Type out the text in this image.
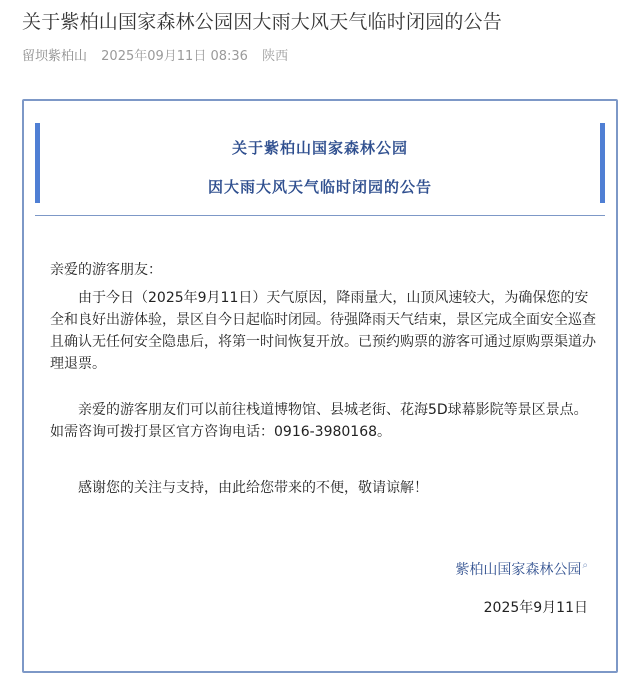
关于紫柏山国家森林公园因大雨大风天气临时闭园的公告
留坝紫柏山 2025年09月11日 08:36 陕西
关于紫柏山国家森林公园
因大雨大风天气临时闭园的公告
亲爱的游客朋友：
由于今日（2025年9月11日）天气原因，降雨量大，山顶风速较大，为确保您的安全和良好出游体验，景区自今日起临时闭园。待强降雨天气结束，景区完成全面安全巡查且确认无任何安全隐患后，将第一时间恢复开放。已预约购票的游客可通过原购票渠道办理退票。
亲爱的游客朋友们可以前往栈道博物馆、县城老街、花海5D球幕影院等景区景点。如需咨询可拨打景区官方咨询电话：0916-3980168。
感谢您的关注与支持，由此给您带来的不便，敬请谅解！
紫柏山国家森林公园⌕
2025年9月11日
